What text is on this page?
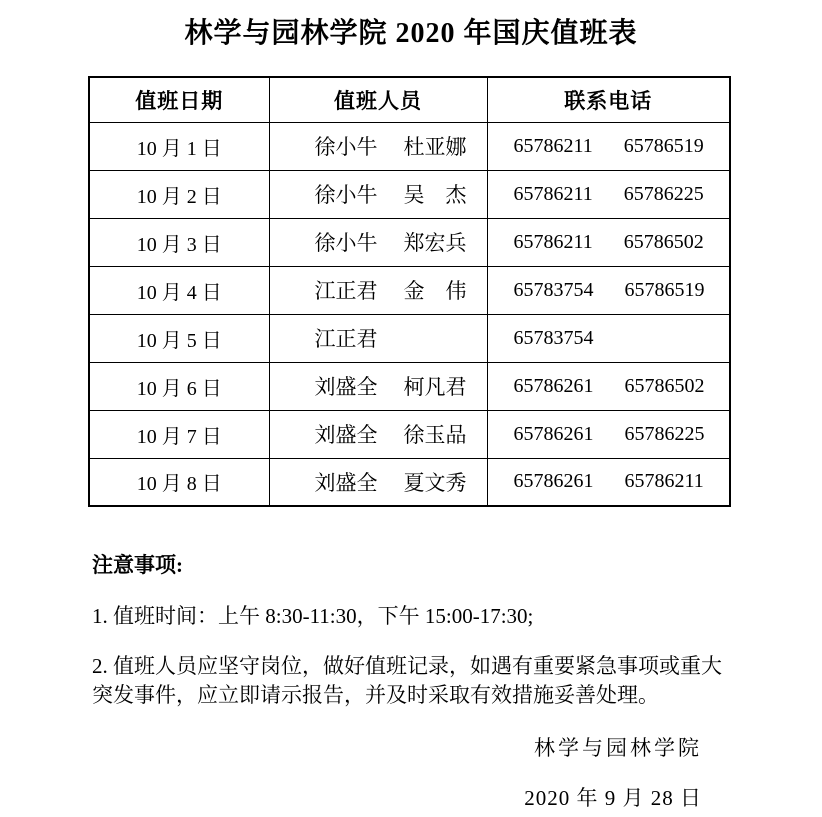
林学与园林学院 2020 年国庆值班表
值班日期	值班人员	联系电话
10 月 1 日	徐小牛 杜亚娜	65786211 65786519
10 月 2 日	徐小牛 吴　杰	65786211 65786225
10 月 3 日	徐小牛 郑宏兵	65786211 65786502
10 月 4 日	江正君 金　伟	65783754 65786519
10 月 5 日	江正君	65783754
10 月 6 日	刘盛全 柯凡君	65786261 65786502
10 月 7 日	刘盛全 徐玉品	65786261 65786225
10 月 8 日	刘盛全 夏文秀	65786261 65786211
注意事项:
1. 值班时间：上午 8:30-11:30，下午 15:00-17:30;
2. 值班人员应坚守岗位，做好值班记录，如遇有重要紧急事项或重大突发事件，应立即请示报告，并及时采取有效措施妥善处理。
林学与园林学院
2020 年 9 月 28 日
